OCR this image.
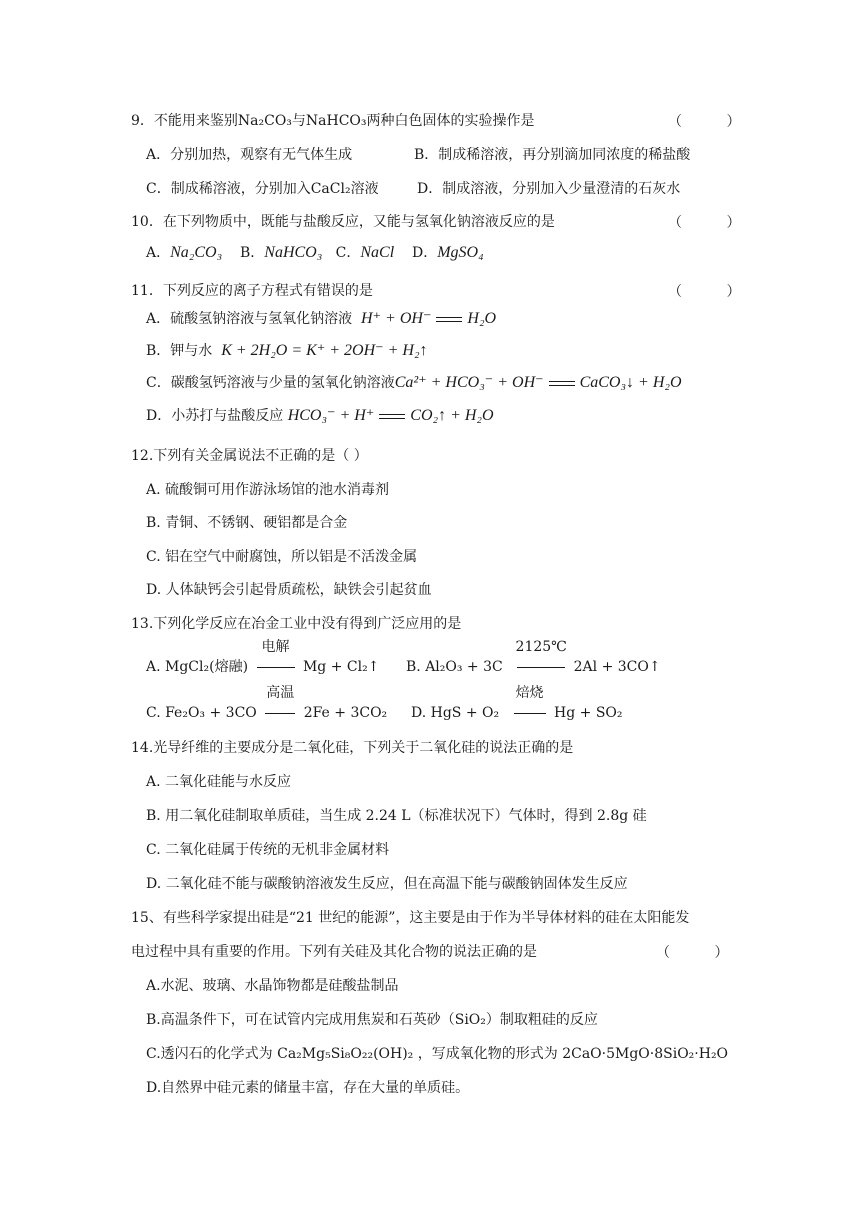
9．不能用来鉴别Na₂CO₃与NaHCO₃两种白色固体的实验操作是	（          ）
A．分别加热，观察有无气体生成	B．制成稀溶液，再分别滴加同浓度的稀盐酸
C．制成稀溶液，分别加入CaCl₂溶液	D．制成溶液，分别加入少量澄清的石灰水
10．在下列物质中，既能与盐酸反应，又能与氢氧化钠溶液反应的是	（          ）
A．Na₂CO₃ B．NaHCO₃ C．NaCl D．MgSO₄
11．下列反应的离子方程式有错误的是	（          ）
A．硫酸氢钠溶液与氢氧化钠溶液 H⁺ + OH⁻ H₂O
B．钾与水 K + 2H₂O = K⁺ + 2OH⁻ + H₂↑
C．碳酸氢钙溶液与少量的氢氧化钠溶液Ca²⁺ + HCO₃⁻ + OH⁻ CaCO₃↓ + H₂O
D．小苏打与盐酸反应 HCO₃⁻ + H⁺ CO₂↑ + H₂O
12.下列有关金属说法不正确的是（ ）
A. 硫酸铜可用作游泳场馆的池水消毒剂
B. 青铜、不锈钢、硬铝都是合金
C. 铝在空气中耐腐蚀，所以铝是不活泼金属
D. 人体缺钙会引起骨质疏松，缺铁会引起贫血
13.下列化学反应在冶金工业中没有得到广泛应用的是
A. MgCl₂(熔融)
电解
Mg + Cl₂↑ B. Al₂O₃ + 3C
2125℃
2Al + 3CO↑
C. Fe₂O₃ + 3CO
高温
2Fe + 3CO₂ D. HgS + O₂
焙烧
Hg + SO₂
14.光导纤维的主要成分是二氧化硅，下列关于二氧化硅的说法正确的是
A. 二氧化硅能与水反应
B. 用二氧化硅制取单质硅，当生成 2.24 L（标准状况下）气体时，得到 2.8g 硅
C. 二氧化硅属于传统的无机非金属材料
D. 二氧化硅不能与碳酸钠溶液发生反应，但在高温下能与碳酸钠固体发生反应
15、有些科学家提出硅是“21 世纪的能源”，这主要是由于作为半导体材料的硅在太阳能发
电过程中具有重要的作用。下列有关硅及其化合物的说法正确的是	（          ）
A.水泥、玻璃、水晶饰物都是硅酸盐制品
B.高温条件下，可在试管内完成用焦炭和石英砂（SiO₂）制取粗硅的反应
C.透闪石的化学式为 Ca₂Mg₅Si₈O₂₂(OH)₂ ，写成氧化物的形式为 2CaO·5MgO·8SiO₂·H₂O
D.自然界中硅元素的储量丰富，存在大量的单质硅。
